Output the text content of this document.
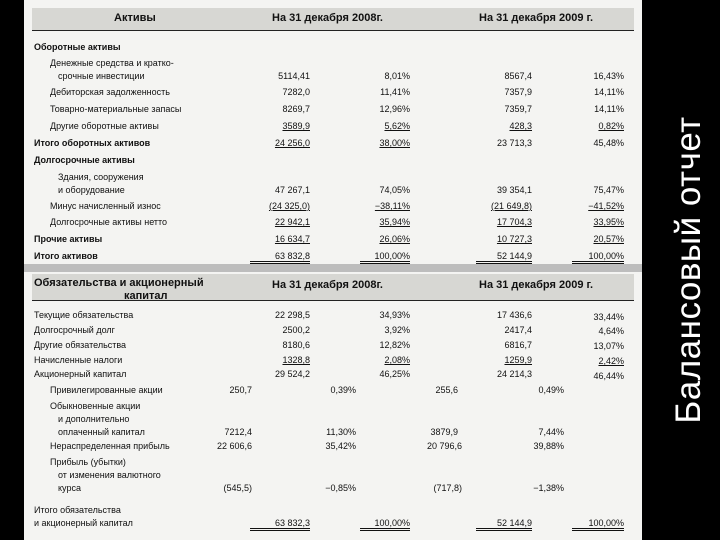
Активы	На 31 декабря 2008г.	На 31 декабря 2009 г.
Оборотные активы
Денежные средства и кратко-
срочные инвестиции	5114,41	8,01%	8567,4	16,43%
Дебиторская задолженность	7282,0	11,41%	7357,9	14,11%
Товарно-материальные запасы	8269,7	12,96%	7359,7	14,11%
Другие оборотные активы	3589,9	5,62%	428,3	0,82%
Итого оборотных активов	24 256,0	38,00%	23 713,3	45,48%
Долгосрочные активы
Здания, сооружения
и оборудование	47 267,1	74,05%	39 354,1	75,47%
Минус начисленный износ	(24 325,0)	−38,11%	(21 649,8)	−41,52%
Долгосрочные активы нетто	22 942,1	35,94%	17 704,3	33,95%
Прочие активы	16 634,7	26,06%	10 727,3	20,57%
Итого активов	63 832,8	100,00%	52 144,9	100,00%
Обязательства и акционерный
капитал
На 31 декабря 2008г.	На 31 декабря 2009 г.
Текущие обязательства	22 298,5	34,93%	17 436,6	33,44%
Долгосрочный долг	2500,2	3,92%	2417,4	4,64%
Другие обязательства	8180,6	12,82%	6816,7	13,07%
Начисленные налоги	1328,8	2,08%	1259,9	2,42%
Акционерный капитал	29 524,2	46,25%	24 214,3	46,44%
Привилегированные акции	250,7	0,39%	255,6	0,49%
Обыкновенные акции
и дополнительно
оплаченный капитал	7212,4	11,30%	3879,9	7,44%
Нераспределенная прибыль	22 606,6	35,42%	20 796,6	39,88%
Прибыль (убытки)
от изменения валютного
курса	(545,5)	−0,85%	(717,8)	−1,38%
Итого обязательства
и акционерный капитал	63 832,3	100,00%	52 144,9	100,00%
Балансовый отчет
